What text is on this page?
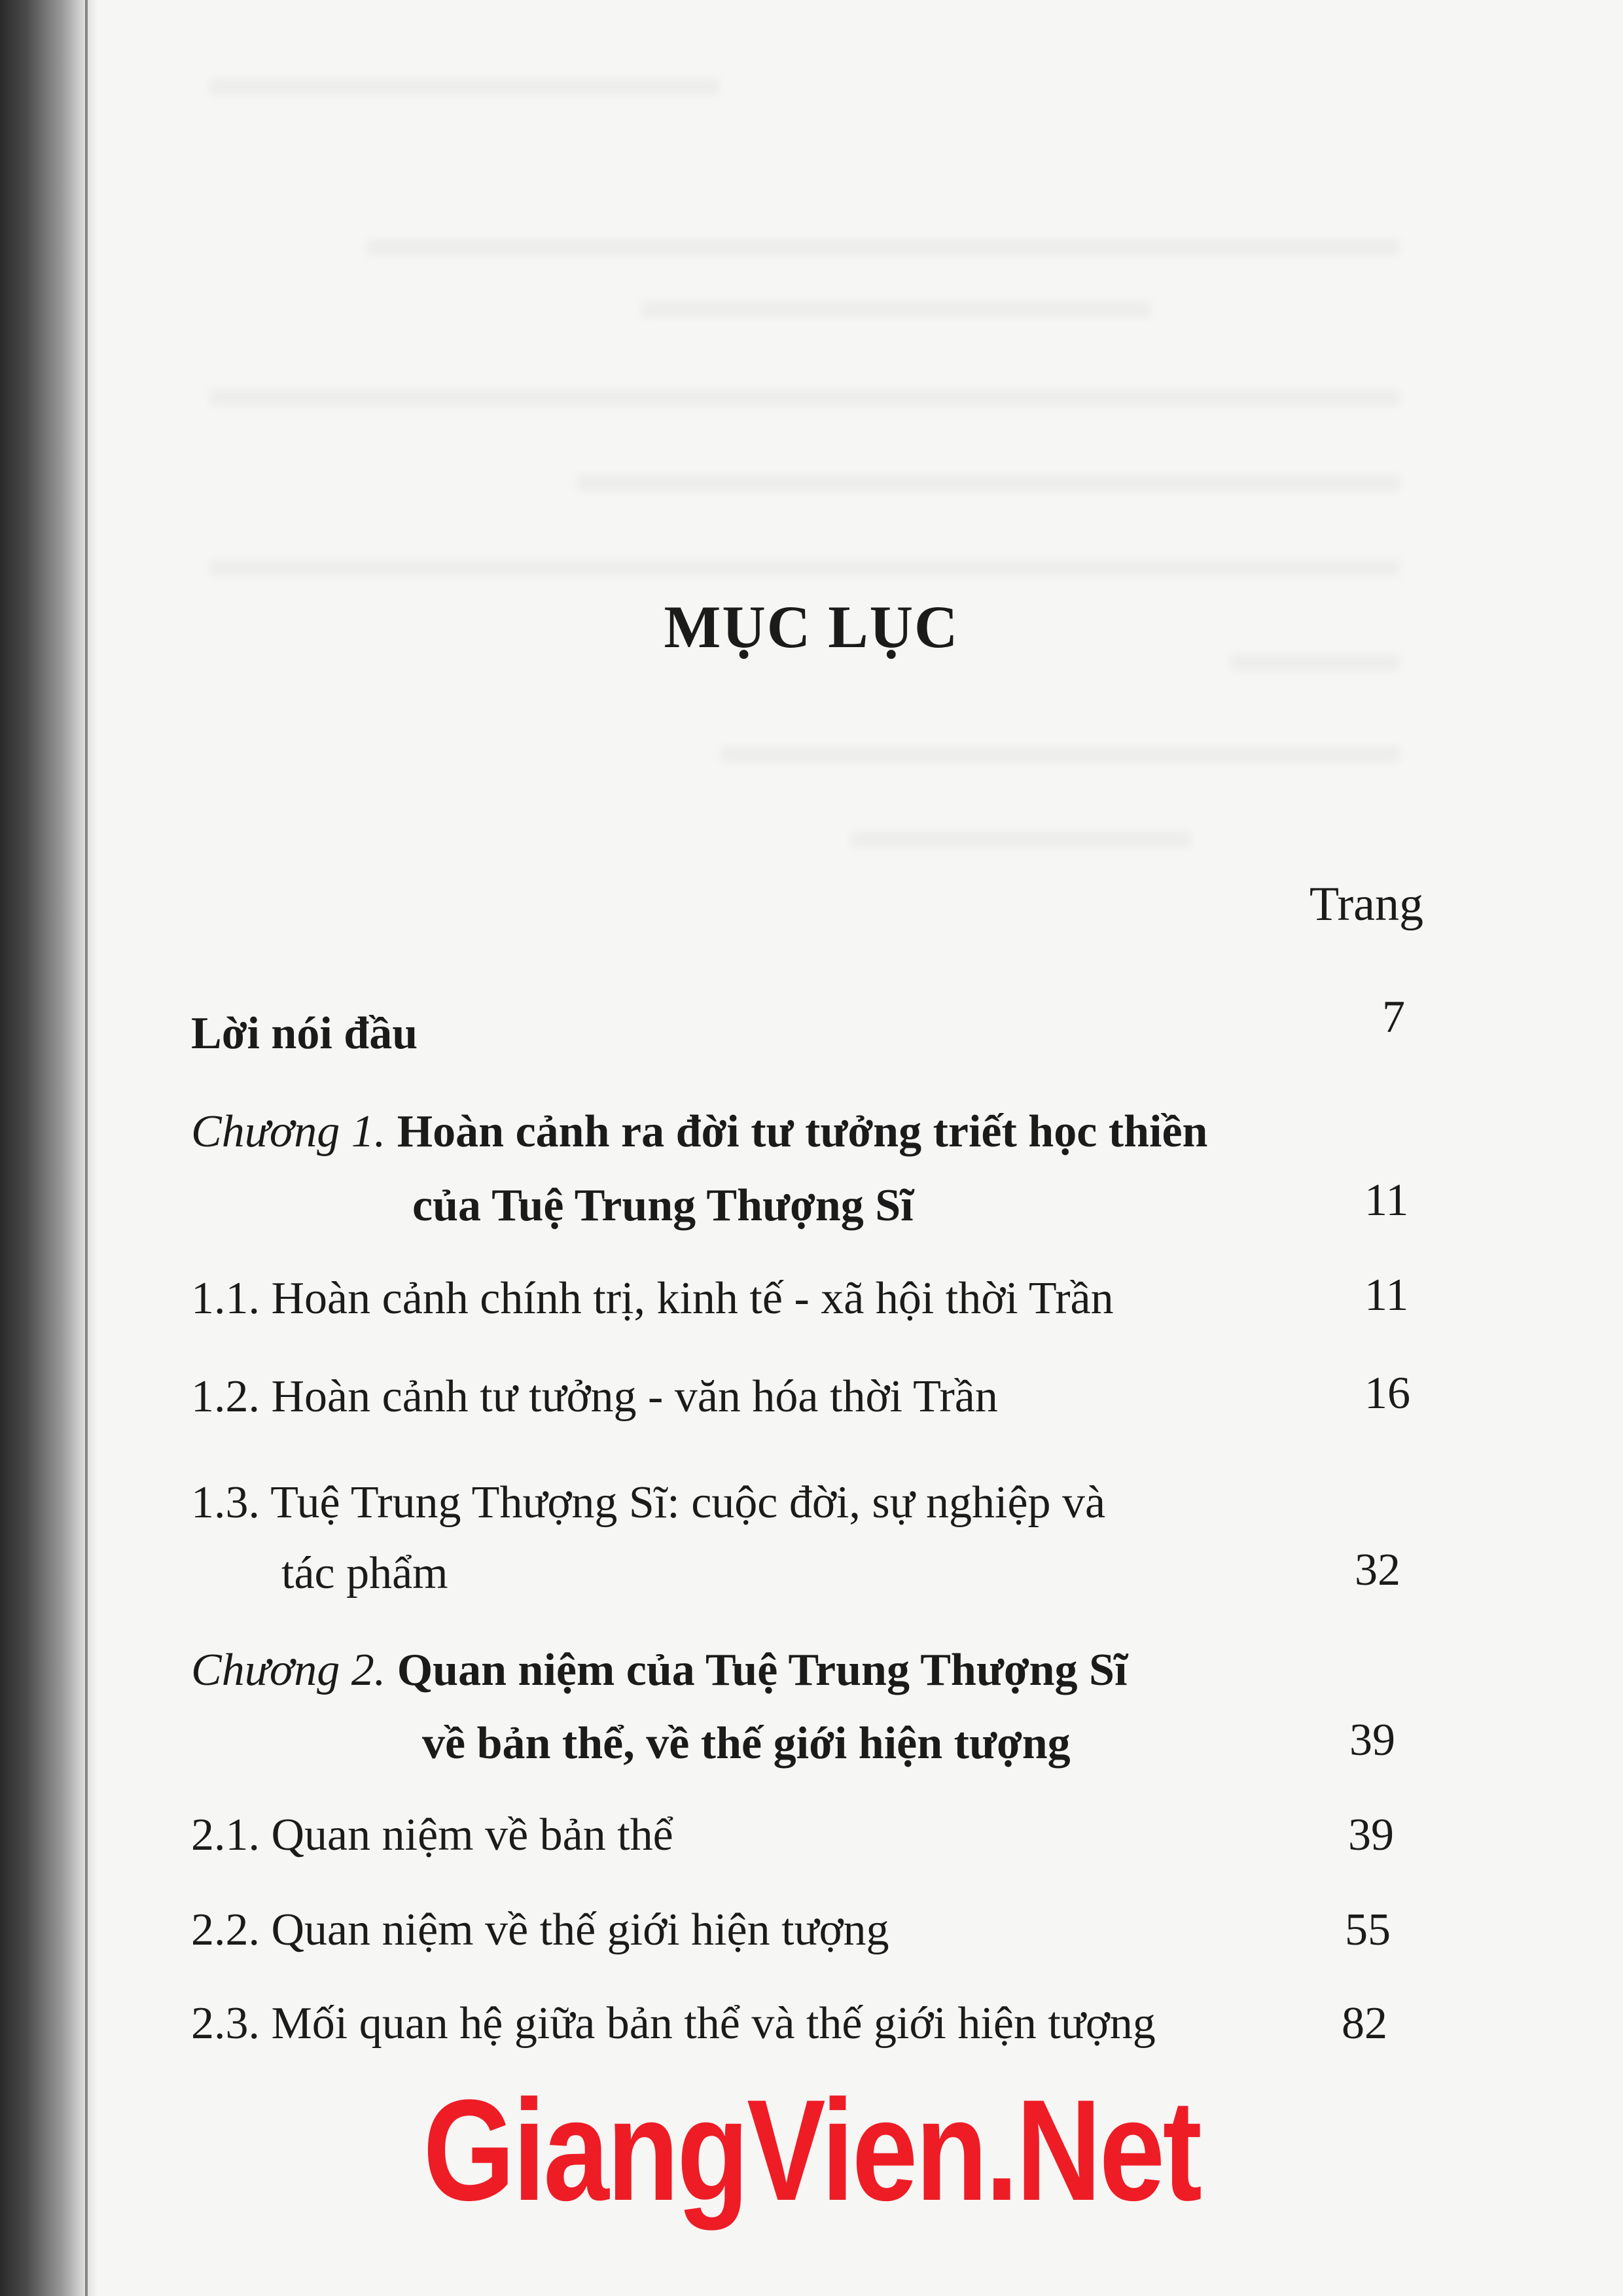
MỤC LỤC
Trang
Lời nói đầu	7
Chương 1. Hoàn cảnh ra đời tư tưởng triết học thiền
của Tuệ Trung Thượng Sĩ	11
1.1. Hoàn cảnh chính trị, kinh tế - xã hội thời Trần	11
1.2. Hoàn cảnh tư tưởng - văn hóa thời Trần	16
1.3. Tuệ Trung Thượng Sĩ: cuộc đời, sự nghiệp và
tác phẩm	32
Chương 2. Quan niệm của Tuệ Trung Thượng Sĩ
về bản thể, về thế giới hiện tượng	39
2.1. Quan niệm về bản thể	39
2.2. Quan niệm về thế giới hiện tượng	55
2.3. Mối quan hệ giữa bản thể và thế giới hiện tượng	82
GiangVien.Net
